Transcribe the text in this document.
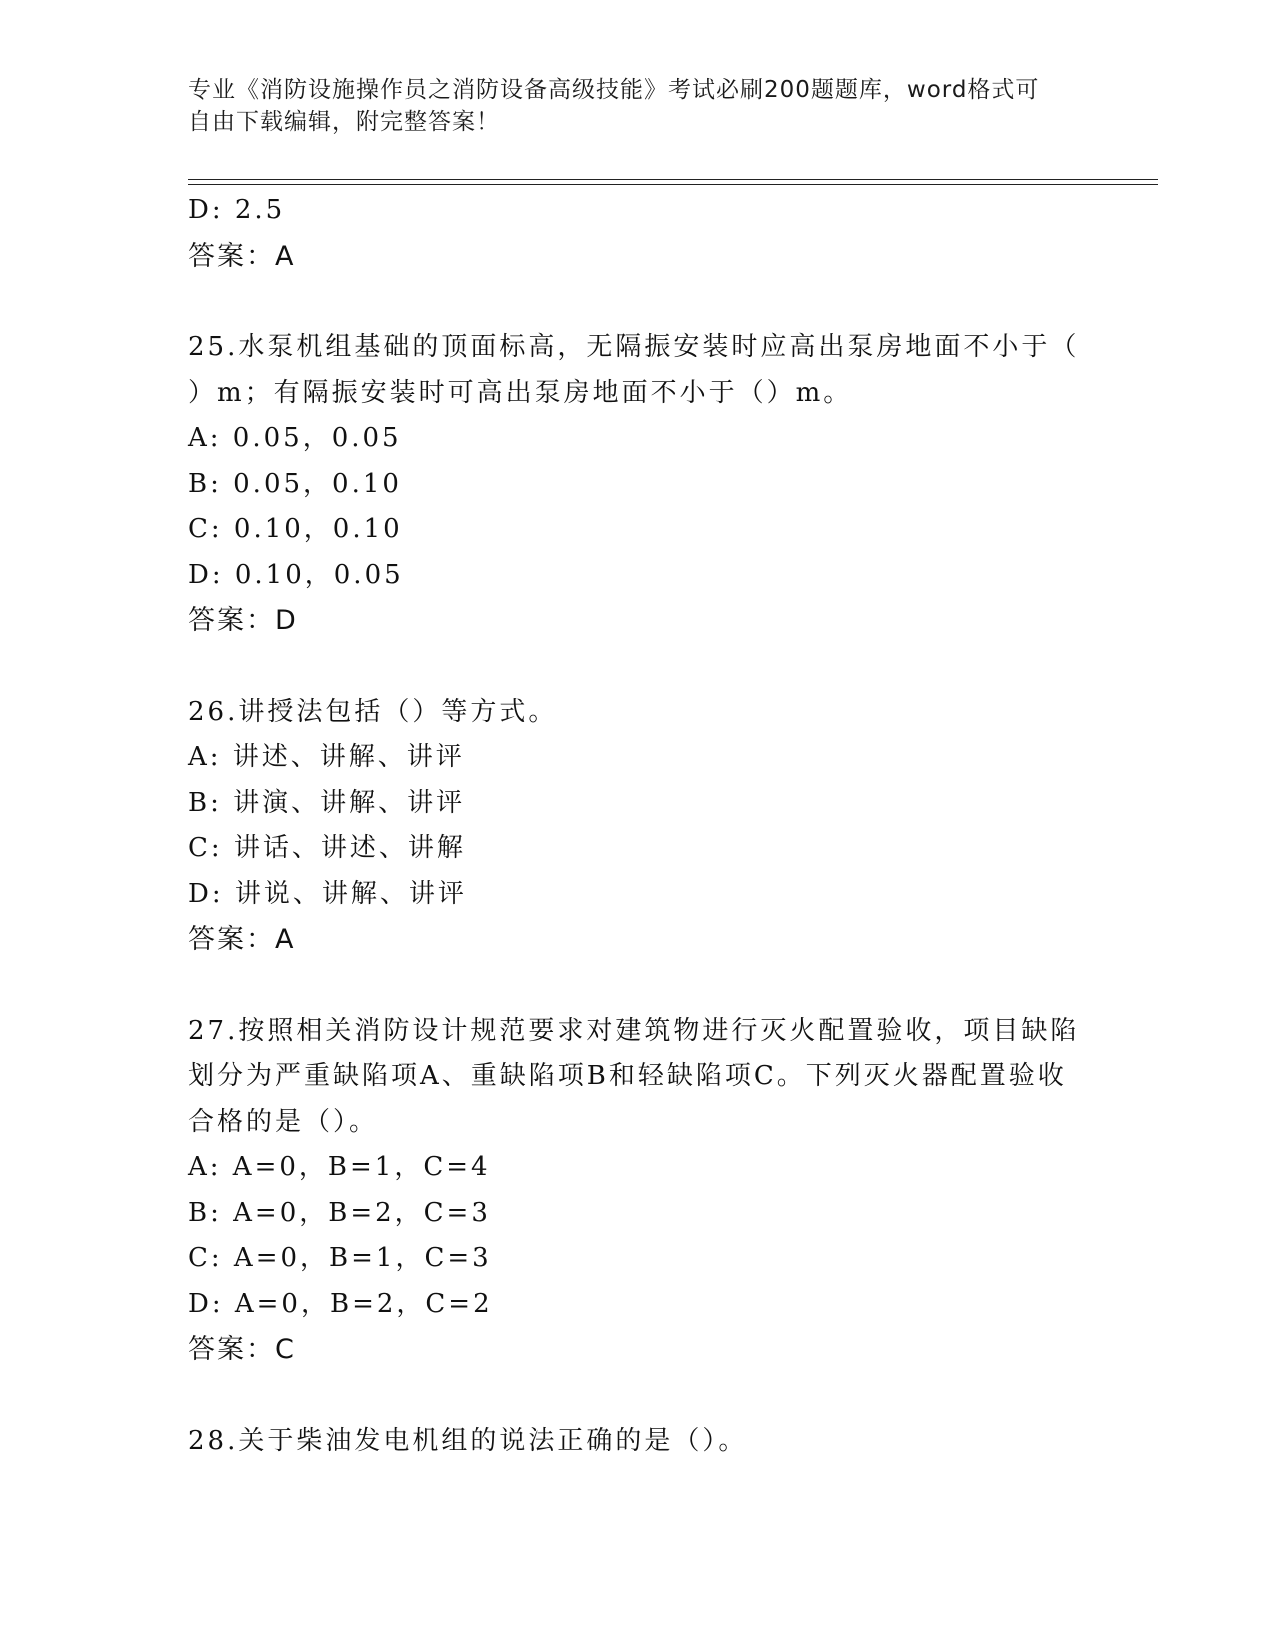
专业《消防设施操作员之消防设备高级技能》考试必刷200题题库，word格式可
自由下载编辑，附完整答案！
D: 2.5
答案：A
25.水泵机组基础的顶面标高，无隔振安装时应高出泵房地面不小于（
）m；有隔振安装时可高出泵房地面不小于（）m。
A: 0.05，0.05
B: 0.05，0.10
C: 0.10，0.10
D: 0.10，0.05
答案：D
26.讲授法包括（）等方式。
A: 讲述、讲解、讲评
B: 讲演、讲解、讲评
C: 讲话、讲述、讲解
D: 讲说、讲解、讲评
答案：A
27.按照相关消防设计规范要求对建筑物进行灭火配置验收，项目缺陷
划分为严重缺陷项A、重缺陷项B和轻缺陷项C。下列灭火器配置验收
合格的是（）。
A: A=0，B=1，C=4
B: A=0，B=2，C=3
C: A=0，B=1，C=3
D: A=0，B=2，C=2
答案：C
28.关于柴油发电机组的说法正确的是（）。
